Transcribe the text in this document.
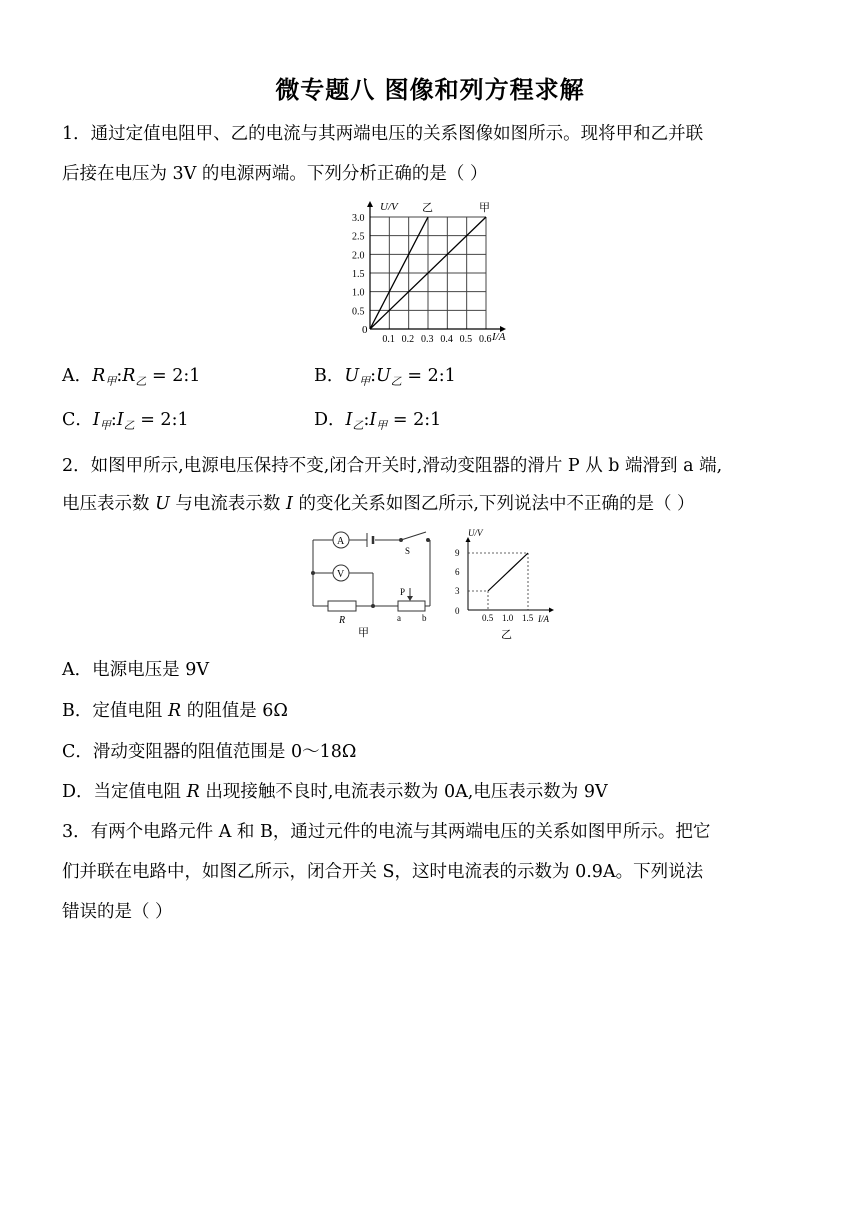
微专题八 图像和列方程求解
1．通过定值电阻甲、乙的电流与其两端电压的关系图像如图所示。现将甲和乙并联
后接在电压为 3V 的电源两端。下列分析正确的是（ ）
0.1 0.2 0.3 0.4 0.5 0.6
0.5
1.0
1.5
2.0
2.5
3.0
U/V
I/A
0
乙	甲
A．$R_甲:R_乙$ = 2:1	B．$U_甲:U_乙$ = 2:1
C．$I_甲:I_乙$ = 2:1	D．$I_乙:I_甲$ = 2:1
2．如图甲所示,电源电压保持不变,闭合开关时,滑动变阻器的滑片 P 从 b 端滑到 a 端,
电压表示数 U 与电流表示数 I 的变化关系如图乙所示,下列说法中不正确的是（ ）
A
S
V
R
P
a b
甲
3
6
9
0.5 1.0 1.5
U/V
I/A
0
乙
A．电源电压是 9V
B．定值电阻 R 的阻值是 6Ω
C．滑动变阻器的阻值范围是 0～18Ω
D．当定值电阻 R 出现接触不良时,电流表示数为 0A,电压表示数为 9V
3．有两个电路元件 A 和 B，通过元件的电流与其两端电压的关系如图甲所示。把它
们并联在电路中，如图乙所示，闭合开关 S，这时电流表的示数为 0.9A。下列说法
错误的是（ ）
